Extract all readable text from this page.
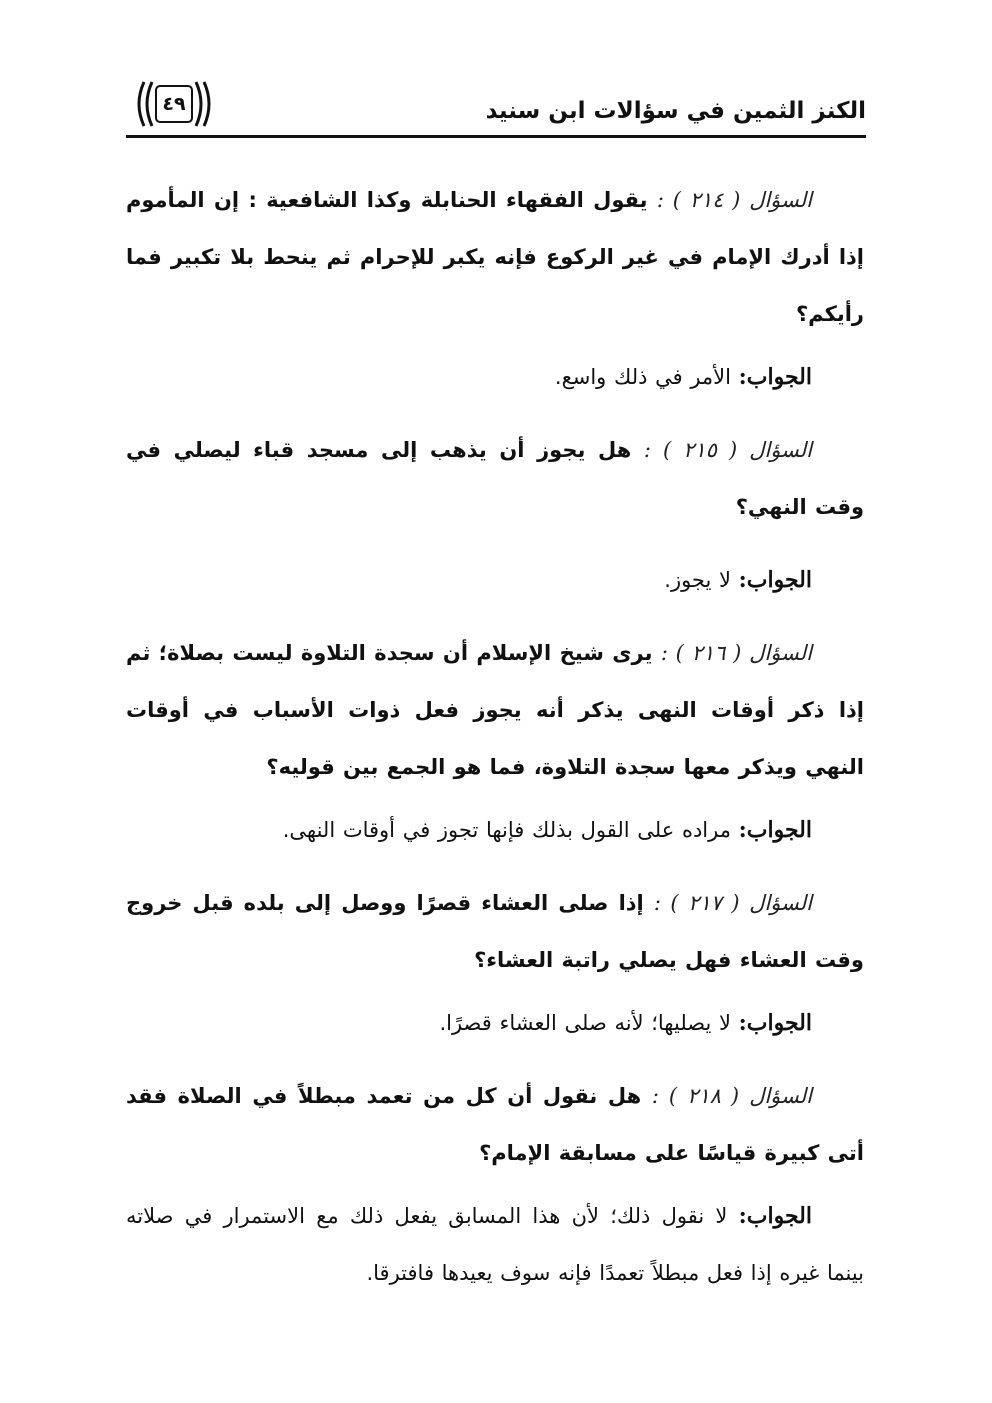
الكنز الثمين في سؤالات ابن سنيد
٤٩
السؤال ( ٢١٤ ) : يقول الفقهاء الحنابلة وكذا الشافعية : إن المأموم إذا أدرك الإمام في غير الركوع فإنه يكبر للإحرام ثم ينحط بلا تكبير فما رأيكم؟
الجواب: الأمر في ذلك واسع.
السؤال ( ٢١٥ ) : هل يجوز أن يذهب إلى مسجد قباء ليصلي في وقت النهي؟
الجواب: لا يجوز.
السؤال ( ٢١٦ ) : يرى شيخ الإسلام أن سجدة التلاوة ليست بصلاة؛ ثم إذا ذكر أوقات النهى يذكر أنه يجوز فعل ذوات الأسباب في أوقات النهي ويذكر معها سجدة التلاوة، فما هو الجمع بين قوليه؟
الجواب: مراده على القول بذلك فإنها تجوز في أوقات النهى.
السؤال ( ٢١٧ ) : إذا صلى العشاء قصرًا ووصل إلى بلده قبل خروج وقت العشاء فهل يصلي راتبة العشاء؟
الجواب: لا يصليها؛ لأنه صلى العشاء قصرًا.
السؤال ( ٢١٨ ) : هل نقول أن كل من تعمد مبطلاً في الصلاة فقد أتى كبيرة قياسًا على مسابقة الإمام؟
الجواب: لا نقول ذلك؛ لأن هذا المسابق يفعل ذلك مع الاستمرار في صلاته بينما غيره إذا فعل مبطلاً تعمدًا فإنه سوف يعيدها فافترقا.
